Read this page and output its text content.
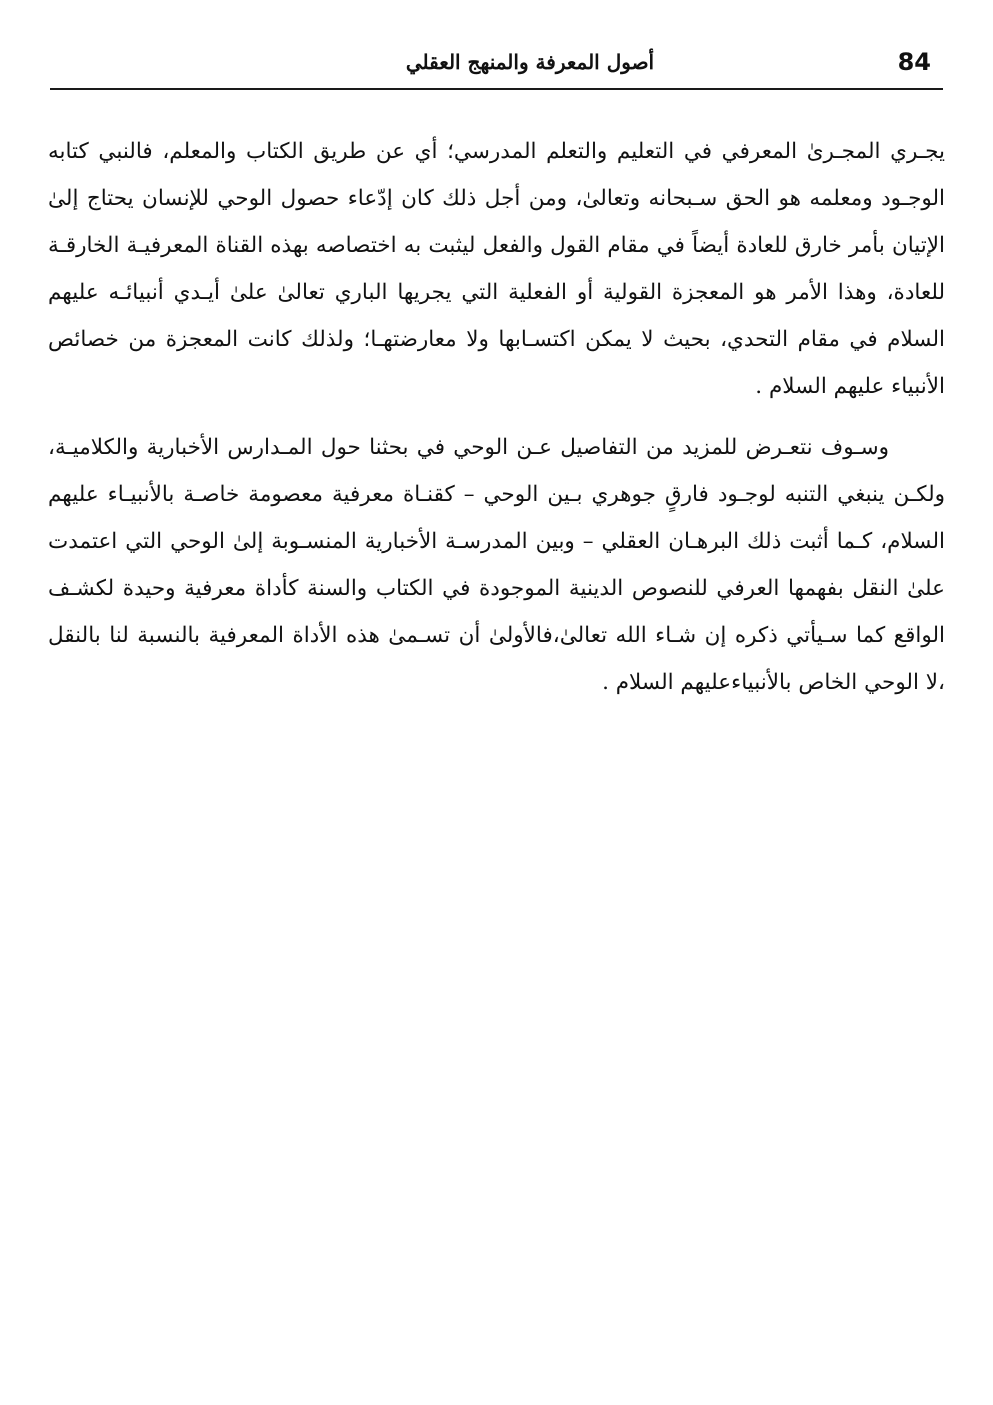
84
أصول المعرفة والمنهج العقلي

يجـري المجـرىٰ المعرفي في التعليم والتعلم المدرسي؛ أي عن طريق الكتاب والمعلم، فالنبي كتابه الوجـود ومعلمه هو الحق سـبحانه وتعالىٰ، ومن أجل ذلك كان إدّعاء حصول الوحي للإنسان يحتاج إلىٰ الإتيان بأمر خارق للعادة أيضاً في مقام القول والفعل ليثبت به اختصاصه بهذه القناة المعرفيـة الخارقـة للعادة، وهذا الأمر هو المعجزة القولية أو الفعلية التي يجريها الباري تعالىٰ علىٰ أيـدي أنبيائـه عليهم السلام في مقام التحدي، بحيث لا يمكن اكتسـابها ولا معارضتهـا؛ ولذلك كانت المعجزة من خصائص الأنبياء عليهم السلام .

وسـوف نتعـرض للمزيد من التفاصيل عـن الوحي في بحثنا حول المـدارس الأخبارية والكلاميـة، ولكـن ينبغي التنبه لوجـود فارقٍ جوهري بـين الوحي – كقنـاة معرفية معصومة خاصـة بالأنبيـاء عليهم السلام، كـما أثبت ذلك البرهـان العقلي – وبين المدرسـة الأخبارية المنسـوبة إلىٰ الوحي التي اعتمدت علىٰ النقل بفهمها العرفي للنصوص الدينية الموجودة في الكتاب والسنة كأداة معرفية وحيدة لكشـف الواقع كما سـيأتي ذكره إن شـاء الله تعالىٰ،فالأولىٰ أن تسـمىٰ هذه الأداة المعرفية بالنسبة لنا بالنقل ،لا الوحي الخاص بالأنبياءعليهم السلام .
